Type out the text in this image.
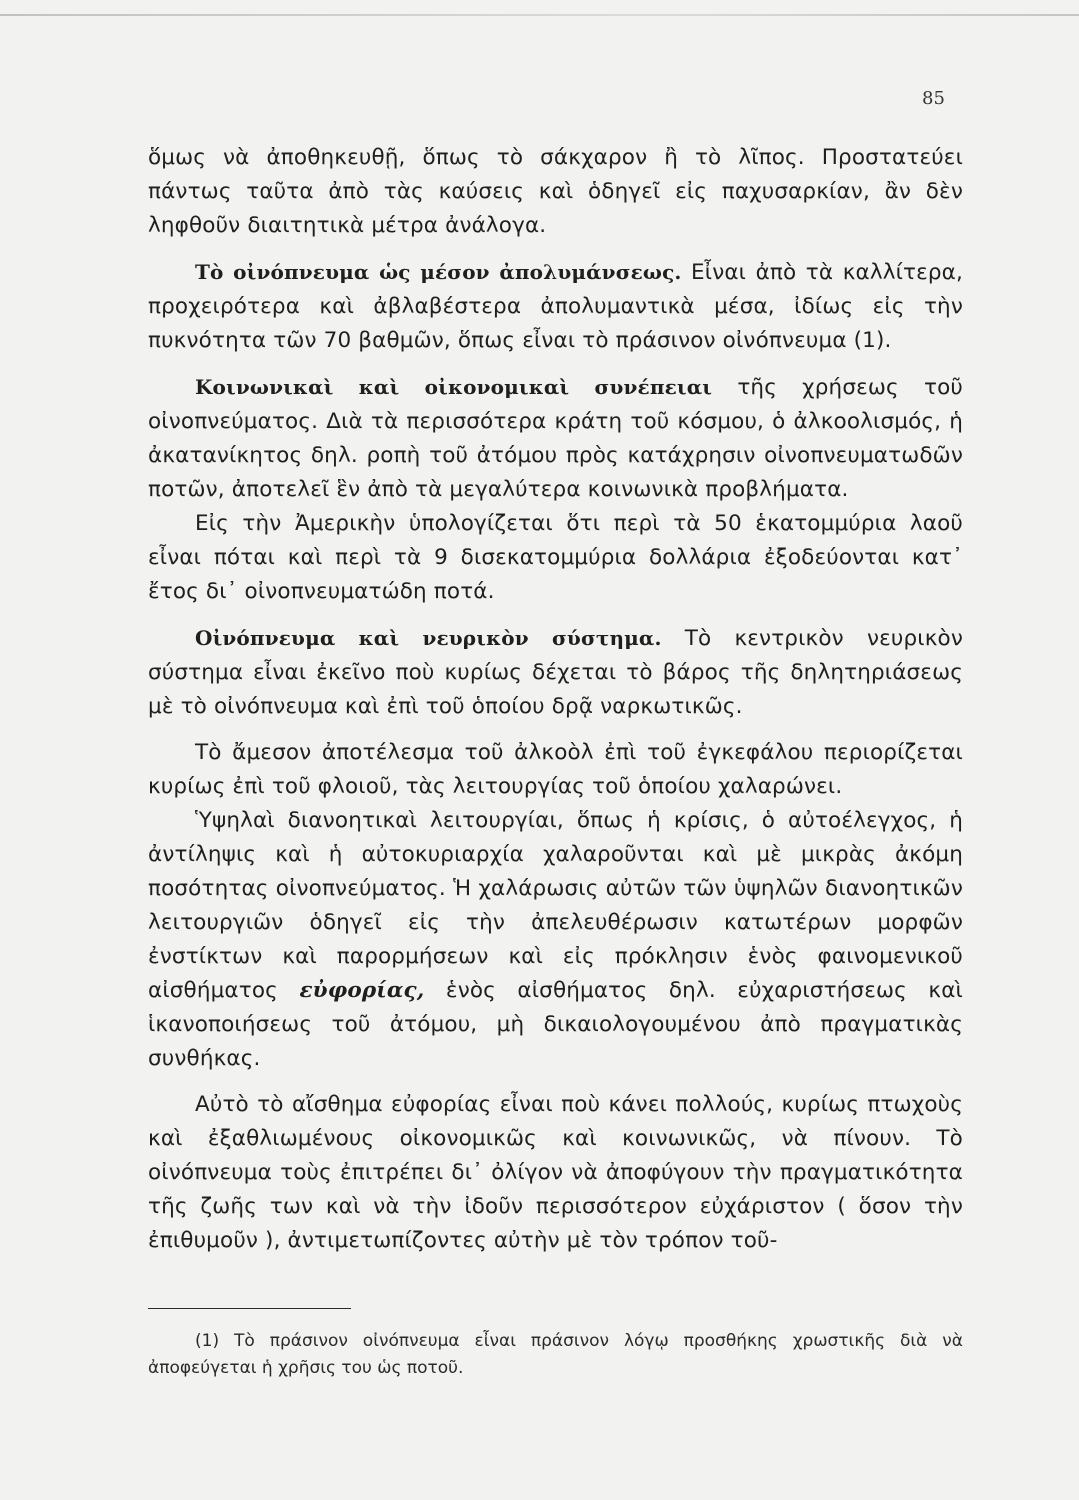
85

ὅμως νὰ ἀποθηκευθῇ, ὅπως τὸ σάκχαρον ἢ τὸ λῖπος. Προστατεύει πάντως ταῦτα ἀπὸ τὰς καύσεις καὶ ὁδηγεῖ εἰς παχυσαρκίαν, ἂν δὲν ληφθοῦν διαιτητικὰ μέτρα ἀνάλογα.

Τὸ οἰνόπνευμα ὡς μέσον ἀπολυμάνσεως. Εἶναι ἀπὸ τὰ καλλίτερα, προχειρότερα καὶ ἀβλαβέστερα ἀπολυμαντικὰ μέσα, ἰδίως εἰς τὴν πυκνότητα τῶν 70 βαθμῶν, ὅπως εἶναι τὸ πράσινον οἰνόπνευμα (1).

Κοινωνικαὶ καὶ οἰκονομικαὶ συνέπειαι τῆς χρήσεως τοῦ οἰνοπνεύματος. Διὰ τὰ περισσότερα κράτη τοῦ κόσμου, ὁ ἀλκοολισμός, ἡ ἀκατανίκητος δηλ. ροπὴ τοῦ ἀτόμου πρὸς κατάχρησιν οἰνοπνευματωδῶν ποτῶν, ἀποτελεῖ ἓν ἀπὸ τὰ μεγαλύτερα κοινωνικὰ προβλήματα.

Εἰς τὴν Ἀμερικὴν ὑπολογίζεται ὅτι περὶ τὰ 50 ἑκατομμύρια λαοῦ εἶναι πόται καὶ περὶ τὰ 9 δισεκατομμύρια δολλάρια ἐξοδεύονται κατ᾿ ἔτος δι᾿ οἰνοπνευματώδη ποτά.

Οἰνόπνευμα καὶ νευρικὸν σύστημα. Τὸ κεντρικὸν νευρικὸν σύστημα εἶναι ἐκεῖνο ποὺ κυρίως δέχεται τὸ βάρος τῆς δηλητηριάσεως μὲ τὸ οἰνόπνευμα καὶ ἐπὶ τοῦ ὁποίου δρᾷ ναρκωτικῶς.

Τὸ ἄμεσον ἀποτέλεσμα τοῦ ἀλκοὸλ ἐπὶ τοῦ ἐγκεφάλου περιορίζεται κυρίως ἐπὶ τοῦ φλοιοῦ, τὰς λειτουργίας τοῦ ὁποίου χαλαρώνει.

Ὑψηλαὶ διανοητικαὶ λειτουργίαι, ὅπως ἡ κρίσις, ὁ αὐτοέλεγχος, ἡ ἀντίληψις καὶ ἡ αὐτοκυριαρχία χαλαροῦνται καὶ μὲ μικρὰς ἀκόμη ποσότητας οἰνοπνεύματος. Ἡ χαλάρωσις αὐτῶν τῶν ὑψηλῶν διανοητικῶν λειτουργιῶν ὁδηγεῖ εἰς τὴν ἀπελευθέρωσιν κατωτέρων μορφῶν ἐνστίκτων καὶ παρορμήσεων καὶ εἰς πρόκλησιν ἑνὸς φαινομενικοῦ αἰσθήματος εὐφορίας, ἑνὸς αἰσθήματος δηλ. εὐχαριστήσεως καὶ ἱκανοποιήσεως τοῦ ἀτόμου, μὴ δικαιολογουμένου ἀπὸ πραγματικὰς συνθήκας.

Αὐτὸ τὸ αἴσθημα εὐφορίας εἶναι ποὺ κάνει πολλούς, κυρίως πτωχοὺς καὶ ἐξαθλιωμένους οἰκονομικῶς καὶ κοινωνικῶς, νὰ πίνουν. Τὸ οἰνόπνευμα τοὺς ἐπιτρέπει δι᾿ ὀλίγον νὰ ἀποφύγουν τὴν πραγματικότητα τῆς ζωῆς των καὶ νὰ τὴν ἰδοῦν περισσότερον εὐχάριστον ( ὅσον τὴν ἐπιθυμοῦν ), ἀντιμετωπίζοντες αὐτὴν μὲ τὸν τρόπον τοῦ-

(1) Τὸ πράσινον οἰνόπνευμα εἶναι πράσινον λόγῳ προσθήκης χρωστικῆς διὰ νὰ ἀποφεύγεται ἡ χρῆσις του ὡς ποτοῦ.
